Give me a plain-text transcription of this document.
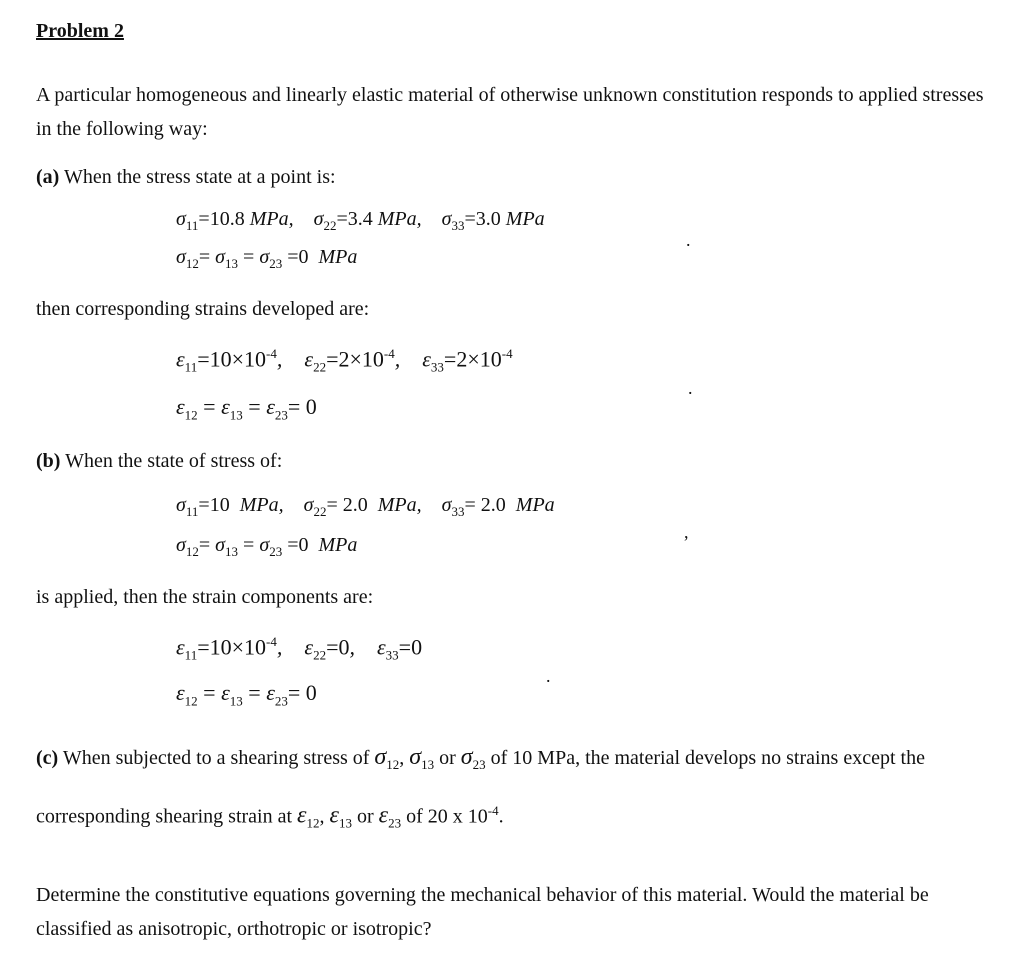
Problem 2
A particular homogeneous and linearly elastic material of otherwise unknown constitution responds to applied stresses in the following way:
(a) When the stress state at a point is:
$\sigma_{11}=10.8$ MPa,    $\sigma_{22}=3.4$ MPa,    $\sigma_{33}=3.0$ MPa
.
$\sigma_{12}= \sigma_{13} = \sigma_{23} =0$ MPa
then corresponding strains developed are:
$\varepsilon_{11}=10\times 10^{-4}$,    $\varepsilon_{22}=2\times 10^{-4}$,    $\varepsilon_{33}=2\times 10^{-4}$
.
$\varepsilon_{12} = \varepsilon_{13} = \varepsilon_{23}= 0$
(b) When the state of stress of:
$\sigma_{11}=10$ MPa,    $\sigma_{22}= 2.0$ MPa,    $\sigma_{33}= 2.0$ MPa
,
$\sigma_{12}= \sigma_{13} = \sigma_{23} =0$ MPa
is applied, then the strain components are:
$\varepsilon_{11}=10\times 10^{-4}$,    $\varepsilon_{22}=0$,    $\varepsilon_{33}=0$
.
$\varepsilon_{12} = \varepsilon_{13} = \varepsilon_{23}= 0$
(c) When subjected to a shearing stress of $\sigma_{12}$, $\sigma_{13}$ or $\sigma_{23}$ of 10 MPa, the material develops no strains except the corresponding shearing strain at $\varepsilon_{12}$, $\varepsilon_{13}$ or $\varepsilon_{23}$ of 20 x $10^{-4}$.
Determine the constitutive equations governing the mechanical behavior of this material. Would the material be classified as anisotropic, orthotropic or isotropic?
